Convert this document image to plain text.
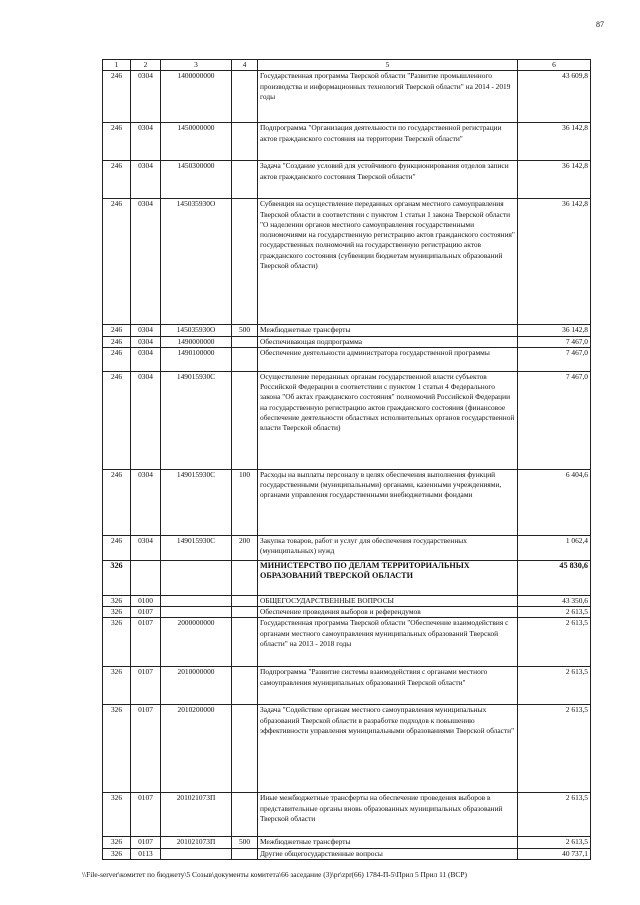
87
1	2	3	4	5	6
246	0304	1400000000		Государственная программа Тверской области "Развитие промышленного производства и информационных технологий Тверской области" на 2014 - 2019 годы	43 609,8
246	0304	1450000000		Подпрограмма "Организация деятельности по государственной регистрации актов гражданского состояния на территории Тверской области"	36 142,8
246	0304	1450300000		Задача "Создание условий для устойчивого функционирования отделов записи актов гражданского состояния Тверской области"	36 142,8
246	0304	145035930О		Субвенция на осуществление переданных органам местного самоуправления Тверской области в соответствии с пунктом 1 статьи 1 закона Тверской области "О наделении органов местного самоуправления государственными полномочиями на государственную регистрацию актов гражданского состояния" государственных полномочий на государственную регистрацию актов гражданского состояния (субвенции бюджетам муниципальных образований Тверской области)	36 142,8
246	0304	145035930О	500	Межбюджетные трансферты	36 142,8
246	0304	1490000000		Обеспечивающая подпрограмма	7 467,0
246	0304	1490100000		Обеспечение деятельности администратора государственной программы	7 467,0
246	0304	149015930С		Осуществление переданных органам государственной власти субъектов Российской Федерации в соответствии с пунктом 1 статьи 4 Федерального закона "Об актах гражданского состояния" полномочий Российской Федерации на государственную регистрацию актов гражданского состояния (финансовое обеспечение деятельности областных исполнительных органов государственной власти Тверской области)	7 467,0
246	0304	149015930С	100	Расходы на выплаты персоналу в целях обеспечения выполнения функций государственными (муниципальными) органами, казенными учреждениями, органами управления государственными внебюджетными фондами	6 404,6
246	0304	149015930С	200	Закупка товаров, работ и услуг для обеспечения государственных (муниципальных) нужд	1 062,4
326				МИНИСТЕРСТВО ПО ДЕЛАМ ТЕРРИТОРИАЛЬНЫХ ОБРАЗОВАНИЙ ТВЕРСКОЙ ОБЛАСТИ	45 830,6
326	0100			ОБЩЕГОСУДАРСТВЕННЫЕ ВОПРОСЫ	43 350,6
326	0107			Обеспечение проведения выборов и референдумов	2 613,5
326	0107	2000000000		Государственная программа Тверской области "Обеспечение взаимодействия с органами местного самоуправления муниципальных образований Тверской области" на 2013 - 2018 годы	2 613,5
326	0107	2010000000		Подпрограмма "Развитие системы взаимодействия с органами местного самоуправления муниципальных образований Тверской области"	2 613,5
326	0107	2010200000		Задача "Содействие органам местного самоуправления муниципальных образований Тверской области в разработке подходов к повышению эффективности управления муниципальными образованиями Тверской области"	2 613,5
326	0107	201021073П		Иные межбюджетные трансферты на обеспечение проведения выборов в представительные органы вновь образованных муниципальных образований Тверской области	2 613,5
326	0107	201021073П	500	Межбюджетные трансферты	2 613,5
326	0113			Другие общегосударственные вопросы	40 737,1
\\File-server\комитет по бюджету\5 Созыв\документы комитета\66 заседание (3)\pr\zpr(66) 1784-П-5\Прил 5 Прил 11 (ВСР)
